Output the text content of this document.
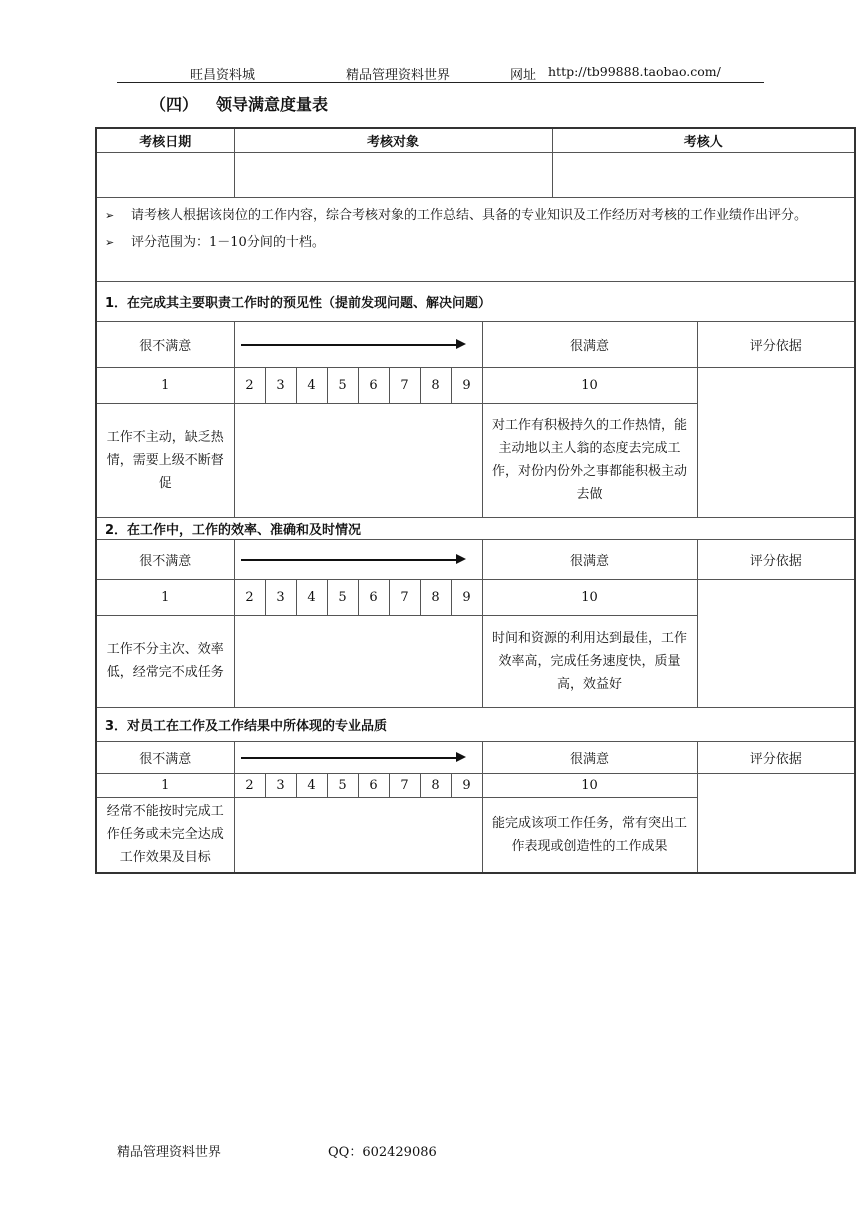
旺昌资料城	精品管理资料世界	网址 http://tb99888.taobao.com/
（四） 领导满意度量表
考核日期	考核对象									考核人	

➢ 请考核人根据该岗位的工作内容，综合考核对象的工作总结、具备的专业知识及工作经历对考核的工作业绩作出评分。
➢ 评分范围为：1－10分间的十档。											

1．在完成其主要职责工作时的预见性（提前发现问题、解决问题）											
很不满意									很满意		评分依据
1	2	3	4	5	6	7	8	9	10		
工作不主动，缺乏热情，需要上级不断督促									对工作有积极持久的工作热情，能主动地以主人翁的态度去完成工作，对份内份外之事都能积极主动去做		
2．在工作中，工作的效率、准确和及时情况											
很不满意									很满意		评分依据
1	2	3	4	5	6	7	8	9	10		
工作不分主次、效率低，经常完不成任务									时间和资源的利用达到最佳，工作效率高，完成任务速度快，质量高，效益好		
3．对员工在工作及工作结果中所体现的专业品质											
很不满意									很满意		评分依据
1	2	3	4	5	6	7	8	9	10		
经常不能按时完成工作任务或未完全达成工作效果及目标									能完成该项工作任务，常有突出工作表现或创造性的工作成果		
精品管理资料世界	QQ：602429086
